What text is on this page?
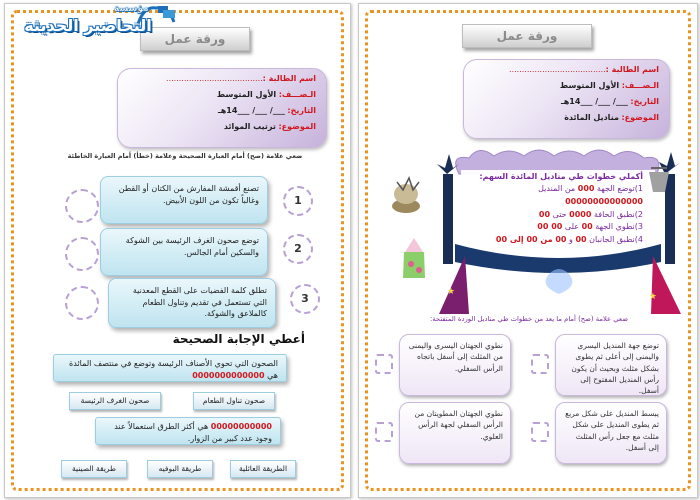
ورقة عمل
اسم الطالبة :......................................
الـصـــف: الأول المتوسط
التاريخ: ___/ ___/ ___14هـ
الموضوع: ترتيب الموائد
ضعي علامة (صح) أمام العبارة الصحيحة وعلامة (خطأ) أمام العبارة الخاطئة
تصنع أقمشة المفارش من الكتان أو القطن وغالباً تكون من اللون الأبيض.	1
توضع صحون الغرف الرئيسة بين الشوكة والسكين أمام الجالس.	2
تطلق كلمة الفضيات على القطع المعدنية التي تستعمل في تقديم وتناول الطعام كالملاعق والشوكة.
3
أعطي الإجابة الصحيحة
الصحون التي تحوي الأصناف الرئيسة وتوضع في منتصف المائدة هي 0000000000000
صحون تناول الطعام
صحون الغرف الرئيسة
00000000000 هي أكثر الطرق استعمالاً عند وجود عدد كبير من الزوار.
الطريقة العائلية
طريقة البوفيه
طريقة الصينية
مؤسسة
التحاضير الحديثة
ورقة عمل
اسم الطالبة :......................................
الـصـــف: الأول المتوسط
التاريخ: ___/ ___/ ___14هـ
الموضوع: مناديل المائدة
★	★
أكملي خطوات طي مناديل المائدة السهم:
1)توضع الجهة 000 من المنديل
00000000000000
2)نطبق الحافة 0000 حتى 00
3)نطوي الجهة 00 على 00 00
4)نطبق الجانبان 00 و 00 من 00 إلى 00
ضعي علامة (صح) أمام ما يعد من خطوات طي مناديل الوردة المتفتحة:
توضع جهة المنديل اليسرى واليمنى إلى أعلى ثم يطوى بشكل مثلث وبحيث أن يكون رأس المنديل المفتوح إلى أسفل.
نطوي الجهتان اليسرى واليمنى من المثلث إلى أسفل باتجاه الرأس السفلي.
يبسط المنديل على شكل مربع ثم يطوى المنديل على شكل مثلث مع جعل رأس المثلث إلى أسفل.
نطوي الجهتان المطويتان من الرأس السفلي لجهة الرأس العلوي.
